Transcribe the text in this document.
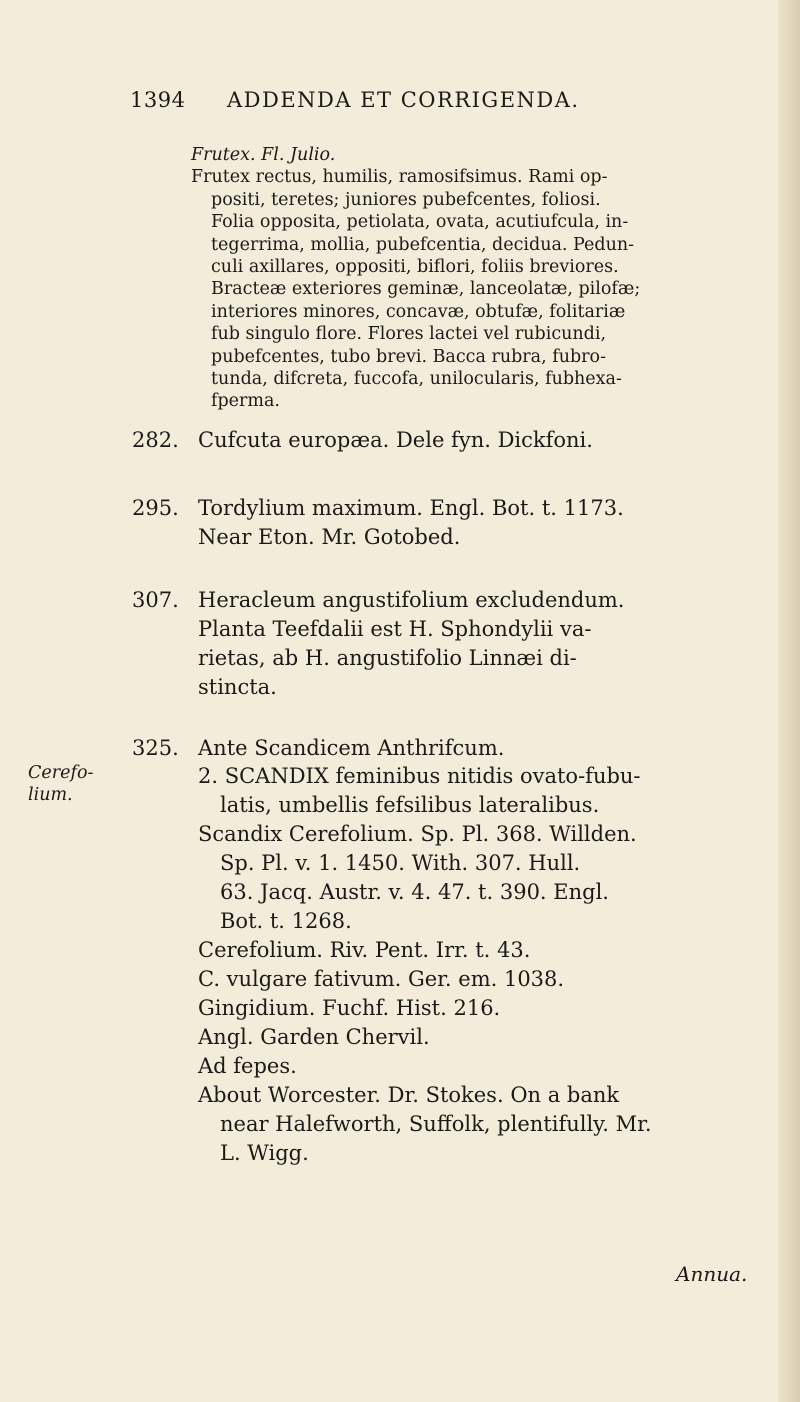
1394 ADDENDA ET CORRIGENDA.
Frutex. Fl. Julio.
Frutex rectus, humilis, ramosifsimus. Rami op-
positi, teretes; juniores pubefcentes, foliosi.
Folia opposita, petiolata, ovata, acutiufcula, in-
tegerrima, mollia, pubefcentia, decidua. Pedun-
culi axillares, oppositi, biflori, foliis breviores.
Bracteæ exteriores geminæ, lanceolatæ, pilofæ;
interiores minores, concavæ, obtufæ, folitariæ
fub singulo flore. Flores lactei vel rubicundi,
pubefcentes, tubo brevi. Bacca rubra, fubro-
tunda, difcreta, fuccofa, unilocularis, fubhexa-
fperma.
282. Cufcuta europæa. Dele fyn. Dickfoni.
295. Tordylium maximum. Engl. Bot. t. 1173.
Near Eton. Mr. Gotobed.
307. Heracleum angustifolium excludendum.
Planta Teefdalii est H. Sphondylii va-
rietas, ab H. angustifolio Linnæi di-
stincta.
325. Ante Scandicem Anthrifcum.
Cerefo-
lium.
2. SCANDIX feminibus nitidis ovato-fubu-
latis, umbellis fefsilibus lateralibus.
Scandix Cerefolium. Sp. Pl. 368. Willden.
Sp. Pl. v. 1. 1450. With. 307. Hull.
63. Jacq. Austr. v. 4. 47. t. 390. Engl.
Bot. t. 1268.
Cerefolium. Riv. Pent. Irr. t. 43.
C. vulgare fativum. Ger. em. 1038.
Gingidium. Fuchf. Hist. 216.
Angl. Garden Chervil.
Ad fepes.
About Worcester. Dr. Stokes. On a bank
near Halefworth, Suffolk, plentifully. Mr.
L. Wigg.
Annua.
